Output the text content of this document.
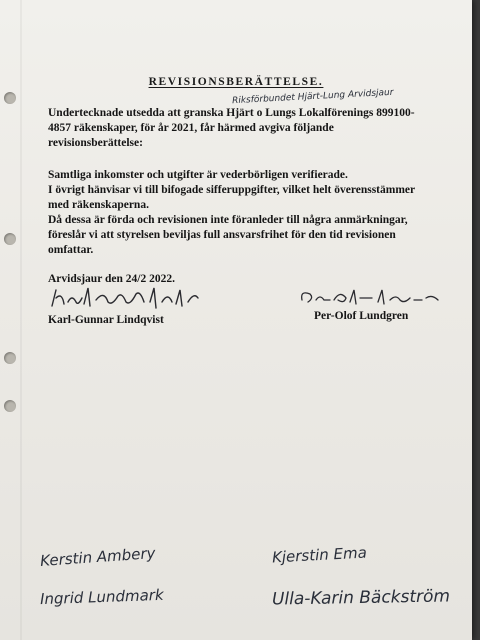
REVISIONSBERÄTTELSE.
Riksförbundet Hjärt-Lung Arvidsjaur

Undertecknade utsedda att granska Hjärt o Lungs Lokalförenings 899100-

4857 räkenskaper, för år 2021, får härmed avgiva följande

revisionsberättelse:

Samtliga inkomster och utgifter är vederbörligen verifierade.

I övrigt hänvisar vi till bifogade sifferuppgifter, vilket helt överensstämmer

med räkenskaperna.

Då dessa är förda och revisionen inte föranleder till några anmärkningar,

föreslår vi att styrelsen beviljas full ansvarsfrihet för den tid revisionen

omfattar.

Arvidsjaur den 24/2 2022.

Karl-Gunnar Lindqvist	Per-Olof Lundgren
Kerstin Ambery
Ingrid Lundmark
Kjerstin Ema
Ulla-Karin Bäckström
